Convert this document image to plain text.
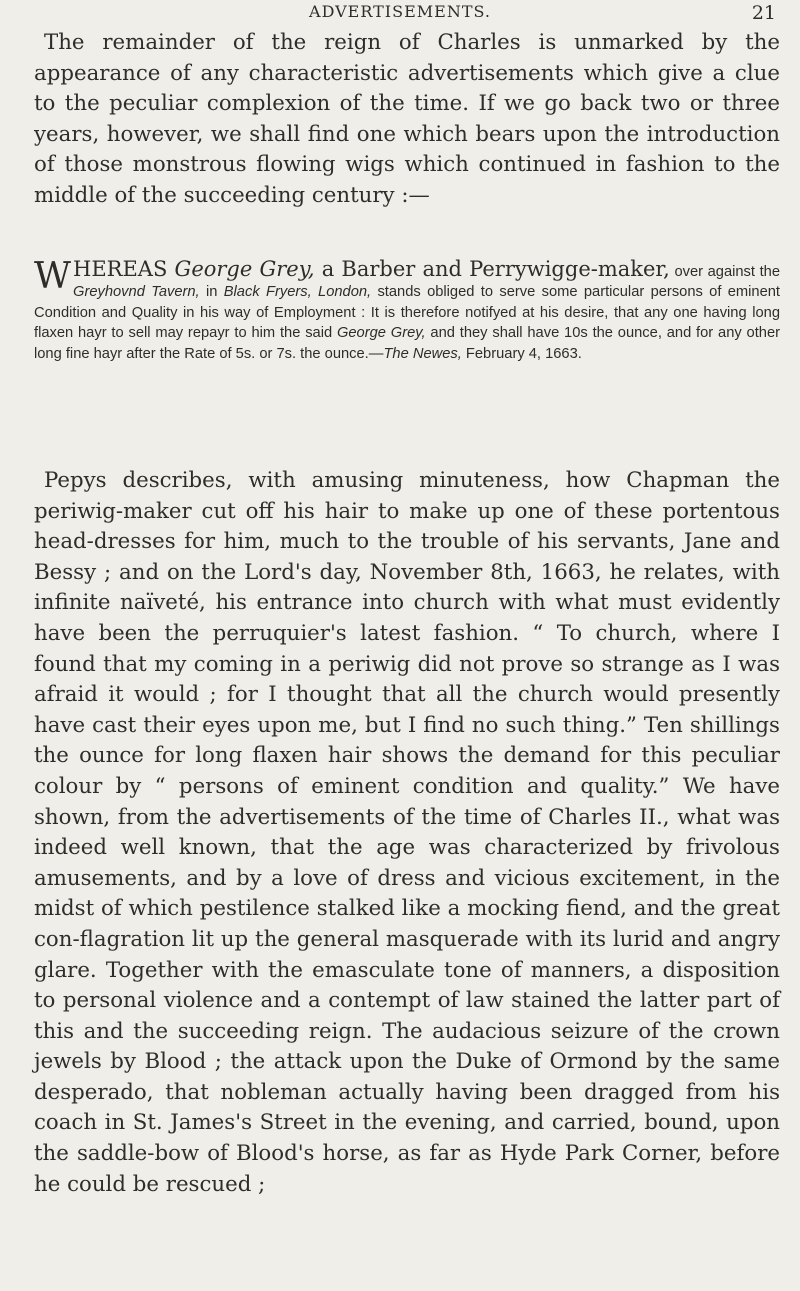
ADVERTISEMENTS.	21

The remainder of the reign of Charles is unmarked by the appearance of any characteristic advertisements which give a clue to the peculiar complexion of the time. If we go back two or three years, however, we shall find one which bears upon the introduction of those monstrous flowing wigs which continued in fashion to the middle of the succeeding century :—

WHEREAS George Grey, a Barber and Perrywigge-maker, over against the Greyhovnd Tavern, in Black Fryers, London, stands obliged to serve some particular persons of eminent Condition and Quality in his way of Employment : It is therefore notifyed at his desire, that any one having long flaxen hayr to sell may repayr to him the said George Grey, and they shall have 10s the ounce, and for any other long fine hayr after the Rate of 5s. or 7s. the ounce.—The Newes, February 4, 1663.

Pepys describes, with amusing minuteness, how Chapman the periwig-maker cut off his hair to make up one of these portentous head-dresses for him, much to the trouble of his servants, Jane and Bessy ; and on the Lord's day, November 8th, 1663, he relates, with infinite naïveté, his entrance into church with what must evidently have been the perruquier's latest fashion. “ To church, where I found that my coming in a periwig did not prove so strange as I was afraid it would ; for I thought that all the church would presently have cast their eyes upon me, but I find no such thing.” Ten shillings the ounce for long flaxen hair shows the demand for this peculiar colour by “ persons of eminent condition and quality.” We have shown, from the advertisements of the time of Charles II., what was indeed well known, that the age was characterized by frivolous amusements, and by a love of dress and vicious excitement, in the midst of which pestilence stalked like a mocking fiend, and the great con-flagration lit up the general masquerade with its lurid and angry glare. Together with the emasculate tone of manners, a disposition to personal violence and a contempt of law stained the latter part of this and the succeeding reign. The audacious seizure of the crown jewels by Blood ; the attack upon the Duke of Ormond by the same desperado, that nobleman actually having been dragged from his coach in St. James's Street in the evening, and carried, bound, upon the saddle-bow of Blood's horse, as far as Hyde Park Corner, before he could be rescued ;
